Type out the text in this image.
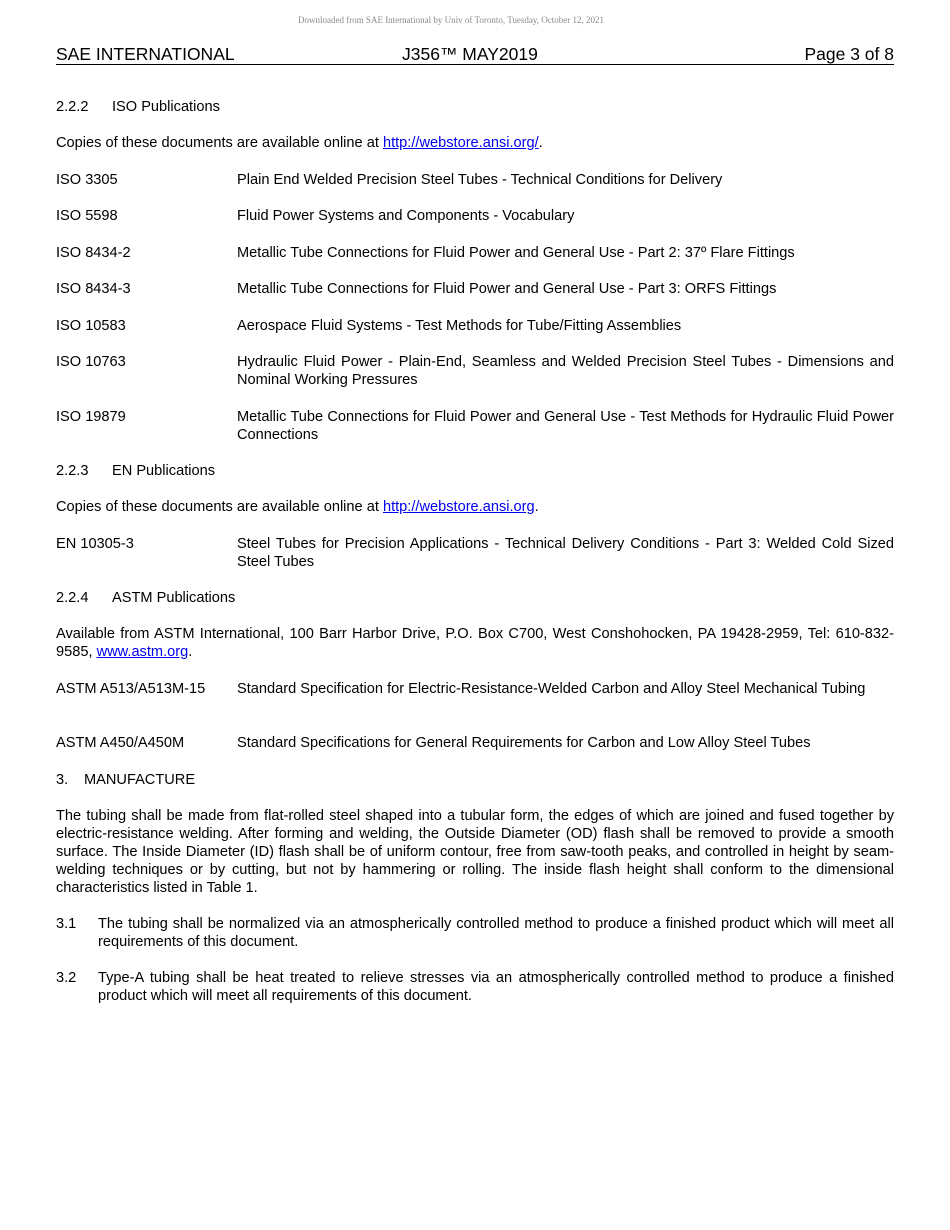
Downloaded from SAE International by Univ of Toronto, Tuesday, October 12, 2021
SAE INTERNATIONAL	J356™ MAY2019	Page 3 of 8
2.2.2 ISO Publications
Copies of these documents are available online at http://webstore.ansi.org/.
ISO 3305	Plain End Welded Precision Steel Tubes - Technical Conditions for Delivery
ISO 5598	Fluid Power Systems and Components - Vocabulary
ISO 8434-2	Metallic Tube Connections for Fluid Power and General Use - Part 2: 37º Flare Fittings
ISO 8434-3	Metallic Tube Connections for Fluid Power and General Use - Part 3: ORFS Fittings
ISO 10583	Aerospace Fluid Systems - Test Methods for Tube/Fitting Assemblies
ISO 10763	Hydraulic Fluid Power - Plain-End, Seamless and Welded Precision Steel Tubes - Dimensions and Nominal Working Pressures
ISO 19879	Metallic Tube Connections for Fluid Power and General Use - Test Methods for Hydraulic Fluid Power Connections
2.2.3 EN Publications
Copies of these documents are available online at http://webstore.ansi.org.
EN 10305-3	Steel Tubes for Precision Applications - Technical Delivery Conditions - Part 3: Welded Cold Sized Steel Tubes
2.2.4 ASTM Publications
Available from ASTM International, 100 Barr Harbor Drive, P.O. Box C700, West Conshohocken, PA 19428-2959, Tel: 610-832-9585, www.astm.org.
ASTM A513/A513M-15	Standard Specification for Electric-Resistance-Welded Carbon and Alloy Steel Mechanical Tubing
ASTM A450/A450M	Standard Specifications for General Requirements for Carbon and Low Alloy Steel Tubes
3. MANUFACTURE
The tubing shall be made from flat-rolled steel shaped into a tubular form, the edges of which are joined and fused together by electric-resistance welding. After forming and welding, the Outside Diameter (OD) flash shall be removed to provide a smooth surface. The Inside Diameter (ID) flash shall be of uniform contour, free from saw-tooth peaks, and controlled in height by seam-welding techniques or by cutting, but not by hammering or rolling. The inside flash height shall conform to the dimensional characteristics listed in Table 1.
3.1 The tubing shall be normalized via an atmospherically controlled method to produce a finished product which will meet all requirements of this document.
3.2 Type-A tubing shall be heat treated to relieve stresses via an atmospherically controlled method to produce a finished product which will meet all requirements of this document.
